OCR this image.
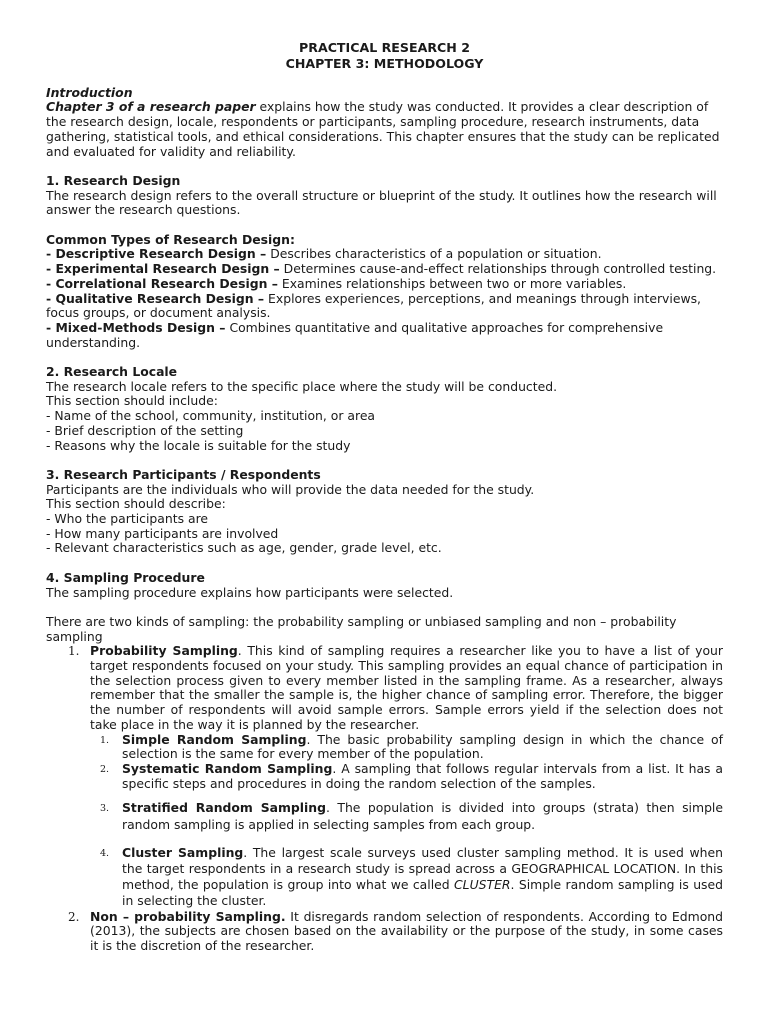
PRACTICAL RESEARCH 2
CHAPTER 3: METHODOLOGY

Introduction

Chapter 3 of a research paper explains how the study was conducted. It provides a clear description of the research design, locale, respondents or participants, sampling procedure, research instruments, data gathering, statistical tools, and ethical considerations. This chapter ensures that the study can be replicated and evaluated for validity and reliability.

1. Research Design

The research design refers to the overall structure or blueprint of the study. It outlines how the research will answer the research questions.

Common Types of Research Design:

- Descriptive Research Design – Describes characteristics of a population or situation.

- Experimental Research Design – Determines cause-and-effect relationships through controlled testing.

- Correlational Research Design – Examines relationships between two or more variables.

- Qualitative Research Design – Explores experiences, perceptions, and meanings through interviews, focus groups, or document analysis.

- Mixed-Methods Design – Combines quantitative and qualitative approaches for comprehensive understanding.

2. Research Locale

The research locale refers to the specific place where the study will be conducted.

This section should include:

- Name of the school, community, institution, or area

- Brief description of the setting

- Reasons why the locale is suitable for the study

3. Research Participants / Respondents

Participants are the individuals who will provide the data needed for the study.

This section should describe:

- Who the participants are

- How many participants are involved

- Relevant characteristics such as age, gender, grade level, etc.

4. Sampling Procedure

The sampling procedure explains how participants were selected.

There are two kinds of sampling: the probability sampling or unbiased sampling and non – probability sampling

1. Probability Sampling. This kind of sampling requires a researcher like you to have a list of your target respondents focused on your study. This sampling provides an equal chance of participation in the selection process given to every member listed in the sampling frame. As a researcher, always remember that the smaller the sample is, the higher chance of sampling error. Therefore, the bigger the number of respondents will avoid sample errors. Sample errors yield if the selection does not take place in the way it is planned by the researcher.

1. Simple Random Sampling. The basic probability sampling design in which the chance of selection is the same for every member of the population.
2. Systematic Random Sampling. A sampling that follows regular intervals from a list. It has a specific steps and procedures in doing the random selection of the samples.
3. Stratified Random Sampling. The population is divided into groups (strata) then simple random sampling is applied in selecting samples from each group.
4. Cluster Sampling. The largest scale surveys used cluster sampling method. It is used when the target respondents in a research study is spread across a GEOGRAPHICAL LOCATION. In this method, the population is group into what we called CLUSTER. Simple random sampling is used in selecting the cluster.
2. Non – probability Sampling. It disregards random selection of respondents. According to Edmond (2013), the subjects are chosen based on the availability or the purpose of the study, in some cases it is the discretion of the researcher.
